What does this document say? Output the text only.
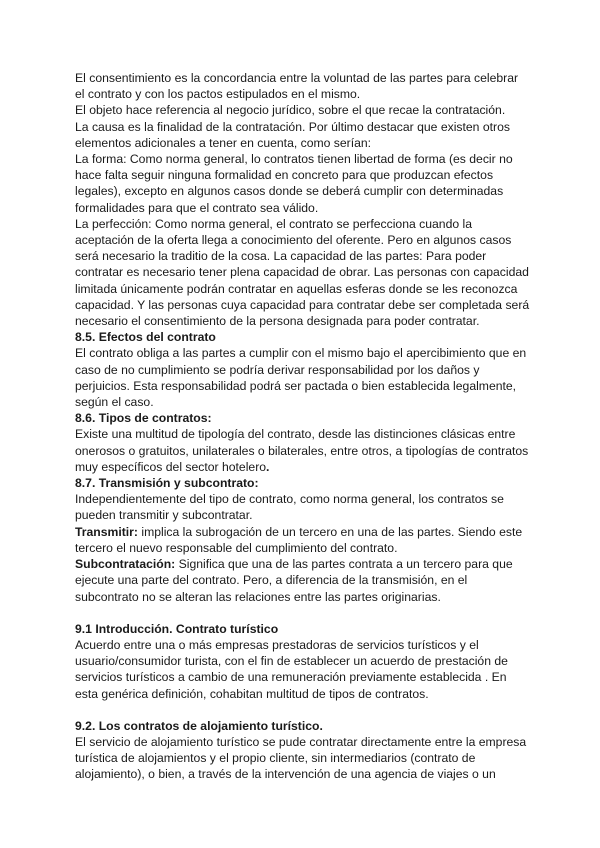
El consentimiento es la concordancia entre la voluntad de las partes para celebrar el contrato y con los pactos estipulados en el mismo.

El objeto hace referencia al negocio jurídico, sobre el que recae la contratación.

La causa es la finalidad de la contratación. Por último destacar que existen otros elementos adicionales a tener en cuenta, como serían:

La forma: Como norma general, lo contratos tienen libertad de forma (es decir no hace falta seguir ninguna formalidad en concreto para que produzcan efectos legales), excepto en algunos casos donde se deberá cumplir con determinadas formalidades para que el contrato sea válido.

La perfección: Como norma general, el contrato se perfecciona cuando la aceptación de la oferta llega a conocimiento del oferente. Pero en algunos casos será necesario la traditio de la cosa. La capacidad de las partes: Para poder contratar es necesario tener plena capacidad de obrar. Las personas con capacidad limitada únicamente podrán contratar en aquellas esferas donde se les reconozca capacidad. Y las personas cuya capacidad para contratar debe ser completada será necesario el consentimiento de la persona designada para poder contratar.

8.5. Efectos del contrato

El contrato obliga a las partes a cumplir con el mismo bajo el apercibimiento que en caso de no cumplimiento se podría derivar responsabilidad por los daños y perjuicios. Esta responsabilidad podrá ser pactada o bien establecida legalmente, según el caso.

8.6. Tipos de contratos:

Existe una multitud de tipología del contrato, desde las distinciones clásicas entre onerosos o gratuitos, unilaterales o bilaterales, entre otros, a tipologías de contratos muy específicos del sector hotelero.

8.7. Transmisión y subcontrato:

Independientemente del tipo de contrato, como norma general, los contratos se pueden transmitir y subcontratar.

Transmitir: implica la subrogación de un tercero en una de las partes. Siendo este tercero el nuevo responsable del cumplimiento del contrato.

Subcontratación: Significa que una de las partes contrata a un tercero para que ejecute una parte del contrato. Pero, a diferencia de la transmisión, en el subcontrato no se alteran las relaciones entre las partes originarias.

9.1 Introducción. Contrato turístico

Acuerdo entre una o más empresas prestadoras de servicios turísticos y el usuario/consumidor turista, con el fin de establecer un acuerdo de prestación de servicios turísticos a cambio de una remuneración previamente establecida . En esta genérica definición, cohabitan multitud de tipos de contratos.

9.2. Los contratos de alojamiento turístico.

El servicio de alojamiento turístico se pude contratar directamente entre la empresa turística de alojamientos y el propio cliente, sin intermediarios (contrato de alojamiento), o bien, a través de la intervención de una agencia de viajes o un
